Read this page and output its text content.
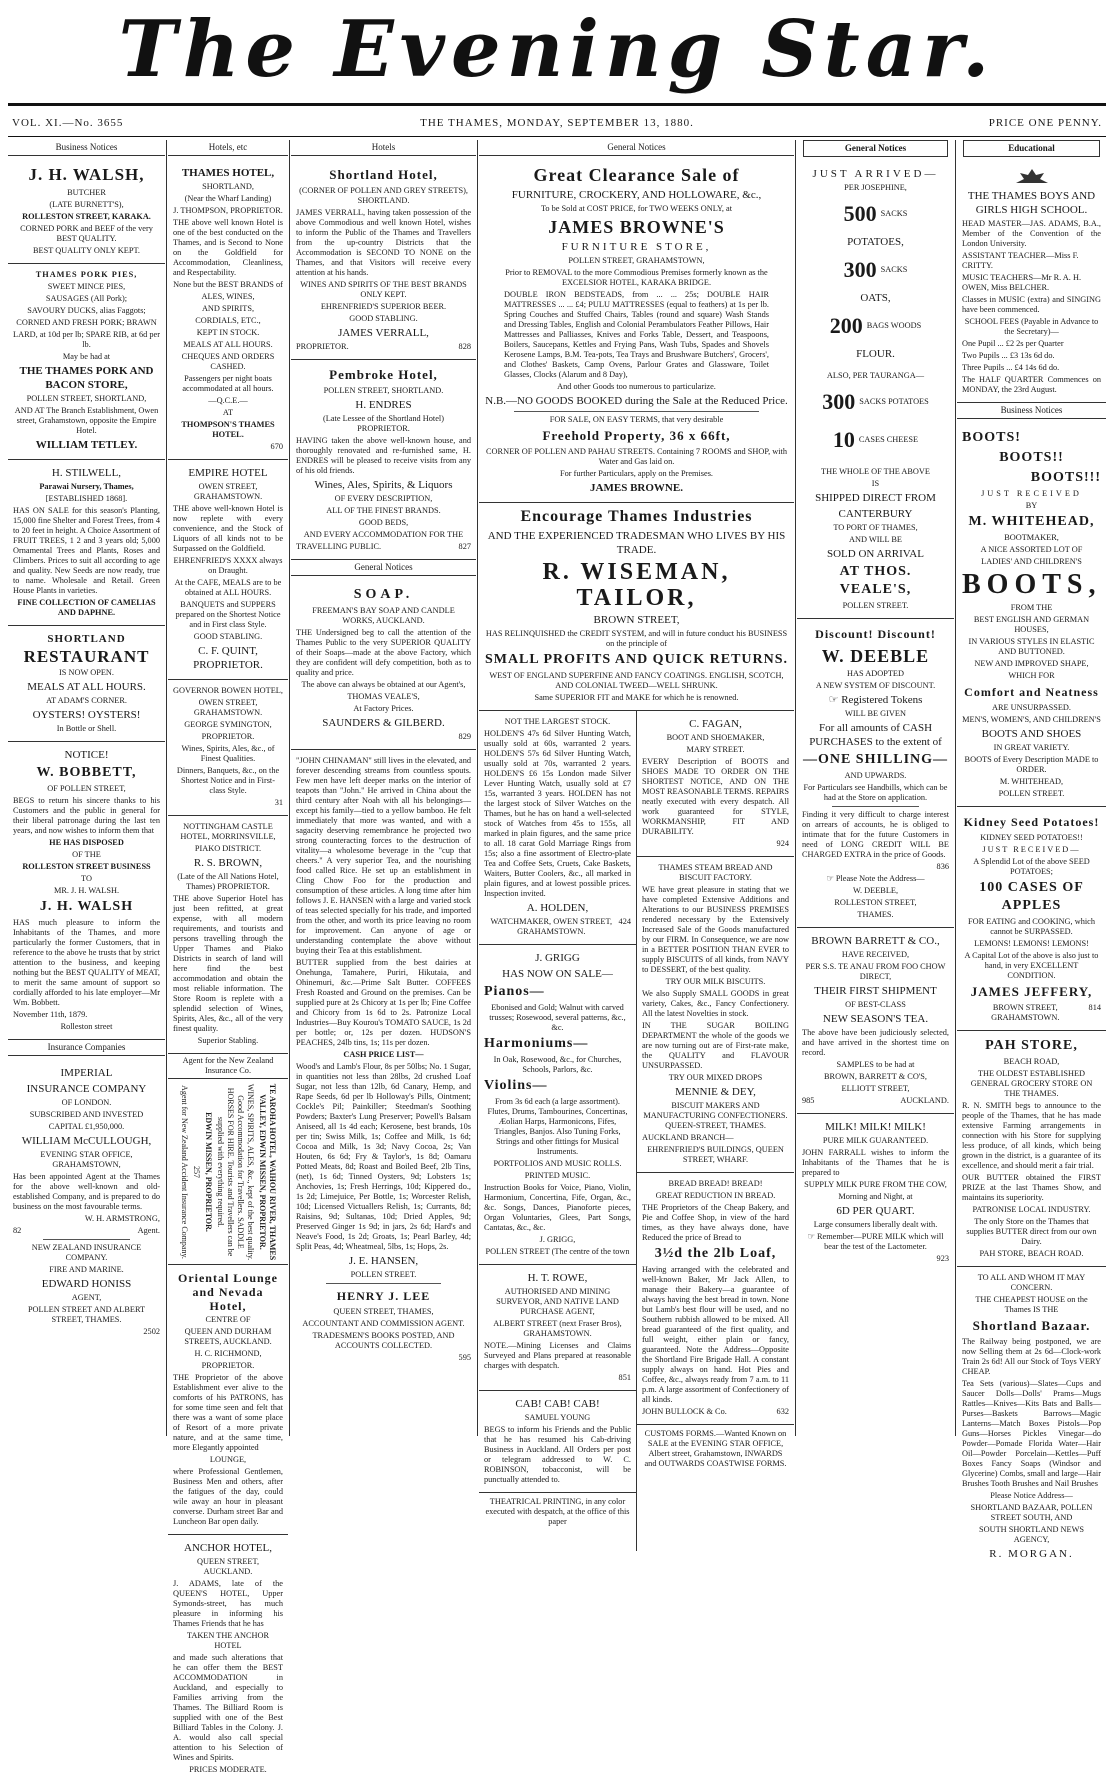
The Evening Star.
VOL. XI.—No. 3655	THE THAMES, MONDAY, SEPTEMBER 13, 1880.	PRICE ONE PENNY.
Business Notices
J. H. WALSH,
BUTCHER
(LATE BURNETT'S),
ROLLESTON STREET, KARAKA.
CORNED PORK and BEEF of the very BEST QUALITY.
BEST QUALITY ONLY KEPT.
THAMES PORK PIES,
SWEET MINCE PIES,
SAUSAGES (All Pork);
SAVOURY DUCKS, alias Faggots;
CORNED AND FRESH PORK; BRAWN
LARD, at 10d per lb; SPARE RIB, at 6d per lb.
May be had at
THE THAMES PORK AND BACON STORE,
POLLEN STREET, SHORTLAND,
AND AT The Branch Establishment, Owen street, Grahamstown, opposite the Empire Hotel.
WILLIAM TETLEY.
H. STILWELL,
Parawai Nursery, Thames,
[ESTABLISHED 1868].
HAS ON SALE for this season's Planting, 15,000 fine Shelter and Forest Trees, from 4 to 20 feet in height. A Choice Assortment of FRUIT TREES, 1 2 and 3 years old; 5,000 Ornamental Trees and Plants, Roses and Climbers. Prices to suit all according to age and quality. New Seeds are now ready, true to name. Wholesale and Retail. Green House Plants in varieties.
FINE COLLECTION OF CAMELIAS AND DAPHNE.
SHORTLAND
RESTAURANT
IS NOW OPEN.
MEALS AT ALL HOURS.
AT ADAM'S CORNER.
OYSTERS! OYSTERS!
In Bottle or Shell.
NOTICE!
W. BOBBETT,
OF POLLEN STREET,
BEGS to return his sincere thanks to his Customers and the public in general for their liberal patronage during the last ten years, and now wishes to inform them that
HE HAS DISPOSED
OF THE
ROLLESTON STREET BUSINESS
TO
MR. J. H. WALSH.
J. H. WALSH
HAS much pleasure to inform the Inhabitants of the Thames, and more particularly the former Customers, that in reference to the above he trusts that by strict attention to the business, and keeping nothing but the BEST QUALITY of MEAT, to merit the same amount of support so cordially afforded to his late employer—Mr Wm. Bobbett.
November 11th, 1879.
Rolleston street
Insurance Companies
IMPERIAL
INSURANCE COMPANY
OF LONDON.
SUBSCRIBED AND INVESTED
CAPITAL £1,950,000.
WILLIAM McCULLOUGH,
EVENING STAR OFFICE, GRAHAMSTOWN,
Has been appointed Agent at the Thames for the above well-known and old-established Company, and is prepared to do business on the most favourable terms.
W. H. ARMSTRONG,
82	Agent.
NEW ZEALAND INSURANCE COMPANY.
FIRE AND MARINE.
EDWARD HONISS
AGENT,
POLLEN STREET AND ALBERT STREET, THAMES.
2502
Hotels, etc
THAMES HOTEL,
SHORTLAND,
(Near the Wharf Landing)
J. THOMPSON, PROPRIETOR.
THE above well known Hotel is one of the best conducted on the Thames, and is Second to None on the Goldfield for Accommodation, Cleanliness, and Respectability.
None but the BEST BRANDS of
ALES, WINES,
AND SPIRITS,
CORDIALS, ETC.,
KEPT IN STOCK.
MEALS AT ALL HOURS.
CHEQUES AND ORDERS CASHED.
Passengers per night boats accommodated at all hours.
—Q.C.E.—
AT
THOMPSON'S THAMES HOTEL.
670
EMPIRE HOTEL
OWEN STREET, GRAHAMSTOWN.
THE above well-known Hotel is now replete with every convenience, and the Stock of Liquors of all kinds not to be Surpassed on the Goldfield.
EHRENFRIED'S XXXX always on Draught.
At the CAFE, MEALS are to be obtained at ALL HOURS.
BANQUETS and SUPPERS prepared on the Shortest Notice and in First class Style.
GOOD STABLING.
C. F. QUINT, PROPRIETOR.
GOVERNOR BOWEN HOTEL,
OWEN STREET, GRAHAMSTOWN.
GEORGE SYMINGTON,
PROPRIETOR.
Wines, Spirits, Ales, &c., of Finest Qualities.
Dinners, Banquets, &c., on the Shortest Notice and in First-class Style.
31
NOTTINGHAM CASTLE HOTEL, MORRINSVILLE,
PIAKO DISTRICT.
R. S. BROWN,
(Late of the All Nations Hotel, Thames) PROPRIETOR.
THE above Superior Hotel has just been refitted, at great expense, with all modern requirements, and tourists and persons travelling through the Upper Thames and Piako Districts in search of land will here find the best accommodation and obtain the most reliable information. The Store Room is replete with a splendid selection of Wines, Spirits, Ales, &c., all of the very finest quality.
Superior Stabling.
Agent for the New Zealand Insurance Co.
TE AROHA HOTEL, WAIHOU RIVER, THAMES VALLEY, EDWIN MISSEN, PROPRIETOR.
WINES, SPIRITS, ALES, &c., kept of the best quality. Good Accommodation for Travellers. SADDLE HORSES FOR HIRE. Tourists and Travellers can be supplied with everything required.
EDWIN MISSEN, PROPRIETOR.
257
Agent for New Zealand Accident Insurance Company.
Oriental Lounge and Nevada Hotel,
CENTRE OF
QUEEN AND DURHAM STREETS, AUCKLAND.
H. C. RICHMOND,
PROPRIETOR.
THE Proprietor of the above Establishment ever alive to the comforts of his PATRONS, has for some time seen and felt that there was a want of some place of Resort of a more private nature, and at the same time, more Elegantly appointed
LOUNGE,
where Professional Gentlemen, Business Men and others, after the fatigues of the day, could wile away an hour in pleasant converse. Durham street Bar and Luncheon Bar open daily.
ANCHOR HOTEL,
QUEEN STREET, AUCKLAND.
J. ADAMS, late of the QUEEN'S HOTEL, Upper Symonds-street, has much pleasure in informing his Thames Friends that he has
TAKEN THE ANCHOR HOTEL
and made such alterations that he can offer them the BEST ACCOMMODATION in Auckland, and especially to Families arriving from the Thames. The Billiard Room is supplied with one of the Best Billiard Tables in the Colony. J. A. would also call special attention to his Selection of Wines and Spirits.
PRICES MODERATE.
Hotels
Shortland Hotel,
(CORNER OF POLLEN AND GREY STREETS), SHORTLAND.
JAMES VERRALL, having taken possession of the above Commodious and well known Hotel, wishes to inform the Public of the Thames and Travellers from the up-country Districts that the Accommodation is SECOND TO NONE on the Thames, and that Visitors will receive every attention at his hands.
WINES AND SPIRITS OF THE BEST BRANDS ONLY KEPT.
EHRENFRIED'S SUPERIOR BEER.
GOOD STABLING.
JAMES VERRALL,
PROPRIETOR.	828
Pembroke Hotel,
POLLEN STREET, SHORTLAND.
H. ENDRES
(Late Lessee of the Shortland Hotel) PROPRIETOR.
HAVING taken the above well-known house, and thoroughly renovated and re-furnished same, H. ENDRES will be pleased to receive visits from any of his old friends.
Wines, Ales, Spirits, & Liquors
OF EVERY DESCRIPTION,
ALL OF THE FINEST BRANDS.
GOOD BEDS,
AND EVERY ACCOMMODATION FOR THE
TRAVELLING PUBLIC.	827
General Notices
SOAP.
FREEMAN'S BAY SOAP AND CANDLE WORKS, AUCKLAND.
THE Undersigned beg to call the attention of the Thames Public to the very SUPERIOR QUALITY of their Soaps—made at the above Factory, which they are confident will defy competition, both as to quality and price.
The above can always be obtained at our Agent's,
THOMAS VEALE'S,
At Factory Prices.
SAUNDERS & GILBERD.
829
"JOHN CHINAMAN" still lives in the elevated, and forever descending streams from countless spouts. Few men have left deeper marks on the interior of teapots than "John." He arrived in China about the third century after Noah with all his belongings—except his family—tied to a yellow bamboo. He felt immediately that more was wanted, and with a sagacity deserving remembrance he projected two strong counteracting forces to the destruction of vitality—a wholesome beverage in the "cup that cheers." A very superior Tea, and the nourishing food called Rice. He set up an establishment in Cling Chow Foo for the production and consumption of these articles. A long time after him follows J. E. HANSEN with a large and varied stock of teas selected specially for his trade, and imported from the other, and worth its price leaving no room for improvement. Can anyone of age or understanding contemplate the above without buying their Tea at this establishment.
BUTTER supplied from the best dairies at Onehunga, Tamahere, Puriri, Hikutaia, and Ohinemuri, &c.—Prime Salt Butter. COFFEES Fresh Roasted and Ground on the premises. Can be supplied pure at 2s Chicory at 1s per lb; Fine Coffee and Chicory from 1s 6d to 2s. Patronize Local Industries—Buy Kourou's TOMATO SAUCE, 1s 2d per bottle; or, 12s per dozen. HUDSON'S PEACHES, 24lb tins, 1s; 11s per dozen.
CASH PRICE LIST—
Wood's and Lamb's Flour, 8s per 50lbs; No. 1 Sugar, in quantities not less than 28lbs, 2d crushed Loaf Sugar, not less than 12lb, 6d Canary, Hemp, and Rape Seeds, 6d per lb Holloway's Pills, Ointment; Cockle's Pil; Painkiller; Steedman's Soothing Powders; Baxter's Lung Preserver; Powell's Balsam Aniseed, all 1s 4d each; Kerosene, best brands, 10s per tin; Swiss Milk, 1s; Coffee and Milk, 1s 6d; Cocoa and Milk, 1s 3d; Navy Cocoa, 2s; Van Houten, 6s 6d; Fry & Taylor's, 1s 8d; Oamaru Potted Meats, 8d; Roast and Boiled Beef, 2lb Tins, (net), 1s 6d; Tinned Oysters, 9d; Lobsters 1s; Anchovies, 1s; Fresh Herrings, 10d; Kippered do., 1s 2d; Limejuice, Per Bottle, 1s; Worcester Relish, 10d; Licensed Victuallers Relish, 1s; Currants, 8d; Raisins, 9d; Sultanas, 10d; Dried Apples, 9d; Preserved Ginger 1s 9d; in jars, 2s 6d; Hard's and Neave's Food, 1s 2d; Groats, 1s; Pearl Barley, 4d; Split Peas, 4d; Wheatmeal, 5lbs, 1s; Hops, 2s.
J. E. HANSEN,
POLLEN STREET.
HENRY J. LEE
QUEEN STREET, THAMES,
ACCOUNTANT AND COMMISSION AGENT.
TRADESMEN'S BOOKS POSTED, AND ACCOUNTS COLLECTED.
595
General Notices
Great Clearance Sale of
FURNITURE, CROCKERY, AND HOLLOWARE, &c.,
To be Sold at COST PRICE, for TWO WEEKS ONLY, at
JAMES BROWNE'S
FURNITURE STORE,
POLLEN STREET, GRAHAMSTOWN,
Prior to REMOVAL to the more Commodious Premises formerly known as the EXCELSIOR HOTEL, KARAKA BRIDGE.
DOUBLE IRON BEDSTEADS, from ... ... 25s; DOUBLE HAIR MATTRESSES ... ... £4; PULU MATTRESSES (equal to feathers) at 1s per lb. Spring Couches and Stuffed Chairs, Tables (round and square) Wash Stands and Dressing Tables, English and Colonial Perambulators Feather Pillows, Hair Mattresses and Palliasses, Knives and Forks Table, Dessert, and Teaspoons, Boilers, Saucepans, Kettles and Frying Pans, Wash Tubs, Spades and Shovels Kerosene Lamps, B.M. Tea-pots, Tea Trays and Brushware Butchers', Grocers', and Clothes' Baskets, Camp Ovens, Parlour Grates and Glassware, Toilet Glasses, Clocks (Alarum and 8 Day),
And other Goods too numerous to particularize.
N.B.—NO GOODS BOOKED during the Sale at the Reduced Price.
FOR SALE, ON EASY TERMS, that very desirable
Freehold Property, 36 x 66ft,
CORNER OF POLLEN AND PAHAU STREETS. Containing 7 ROOMS and SHOP, with Water and Gas laid on.
For further Particulars, apply on the Premises.
JAMES BROWNE.
Encourage Thames Industries
AND THE EXPERIENCED TRADESMAN WHO LIVES BY HIS TRADE.
R. WISEMAN, TAILOR,
BROWN STREET,
HAS RELINQUISHED the CREDIT SYSTEM, and will in future conduct his BUSINESS on the principle of
SMALL PROFITS AND QUICK RETURNS.
WEST OF ENGLAND SUPERFINE AND FANCY COATINGS. ENGLISH, SCOTCH, AND COLONIAL TWEED—WELL SHRUNK.
Same SUPERIOR FIT and MAKE for which he is renowned.
NOT THE LARGEST STOCK.
HOLDEN'S 47s 6d Silver Hunting Watch, usually sold at 60s, warranted 2 years. HOLDEN'S 57s 6d Silver Hunting Watch, usually sold at 70s, warranted 2 years. HOLDEN'S £6 15s London made Silver Lever Hunting Watch, usually sold at £7 15s, warranted 3 years. HOLDEN has not the largest stock of Silver Watches on the Thames, but he has on hand a well-selected stock of Watches from 45s to 155s, all marked in plain figures, and the same price to all. 18 carat Gold Marriage Rings from 15s; also a fine assortment of Electro-plate Tea and Coffee Sets, Cruets, Cake Baskets, Waiters, Butter Coolers, &c., all marked in plain figures, and at lowest possible prices. Inspection invited.
A. HOLDEN,
WATCHMAKER, OWEN STREET, GRAHAMSTOWN.
424
J. GRIGG
HAS NOW ON SALE—
Pianos—
Ebonised and Gold; Walnut with carved trusses; Rosewood, several patterns, &c., &c.
Harmoniums—
In Oak, Rosewood, &c., for Churches, Schools, Parlors, &c.
Violins—
From 3s 6d each (a large assortment). Flutes, Drums, Tambourines, Concertinas, Æolian Harps, Harmonicons, Fifes, Triangles, Banjos. Also Tuning Forks, Strings and other fittings for Musical Instruments.
PORTFOLIOS AND MUSIC ROLLS.
PRINTED MUSIC.
Instruction Books for Voice, Piano, Violin, Harmonium, Concertina, Fife, Organ, &c., &c. Songs, Dances, Pianoforte pieces, Organ Voluntaries, Glees, Part Songs, Cantatas, &c., &c.
J. GRIGG,
POLLEN STREET (The centre of the town
H. T. ROWE,
AUTHORISED AND MINING SURVEYOR, AND NATIVE LAND PURCHASE AGENT,
ALBERT STREET (next Fraser Bros), GRAHAMSTOWN.
NOTE.—Mining Licenses and Claims Surveyed and Plans prepared at reasonable charges with despatch.
851
CAB! CAB! CAB!
SAMUEL YOUNG
BEGS to inform his Friends and the Public that he has resumed his Cab-driving Business in Auckland. All Orders per post or telegram addressed to W. C. ROBINSON, tobacconist, will be punctually attended to.
THEATRICAL PRINTING, in any color executed with despatch, at the office of this paper
C. FAGAN,
BOOT AND SHOEMAKER,
MARY STREET.
EVERY Description of BOOTS and SHOES MADE TO ORDER ON THE SHORTEST NOTICE, AND ON THE MOST REASONABLE TERMS. REPAIRS neatly executed with every despatch. All work guaranteed for STYLE, WORKMANSHIP, FIT AND DURABILITY.
924
THAMES STEAM BREAD AND BISCUIT FACTORY.
WE have great pleasure in stating that we have completed Extensive Additions and Alterations to our BUSINESS PREMISES rendered necessary by the Extensively Increased Sale of the Goods manufactured by our FIRM. In Consequence, we are now in a BETTER POSITION THAN EVER to supply BISCUITS of all kinds, from NAVY to DESSERT, of the best quality.
TRY OUR MILK BISCUITS.
We also Supply SMALL GOODS in great variety, Cakes, &c., Fancy Confectionery. All the latest Novelties in stock.
IN THE SUGAR BOILING DEPARTMENT the whole of the goods we are now turning out are of First-rate make, the QUALITY and FLAVOUR UNSURPASSED.
TRY OUR MIXED DROPS
MENNIE & DEY,
BISCUIT MAKERS AND MANUFACTURING CONFECTIONERS. QUEEN-STREET, THAMES.
AUCKLAND BRANCH—
EHRENFRIED'S BUILDINGS, QUEEN STREET, WHARF.
BREAD BREAD! BREAD!
GREAT REDUCTION IN BREAD.
THE Proprietors of the Cheap Bakery, and Pie and Coffee Shop, in view of the hard times, as they have always done, have Reduced the price of Bread to
3½d the 2lb Loaf,
Having arranged with the celebrated and well-known Baker, Mr Jack Allen, to manage their Bakery—a guarantee of always having the best bread in town. None but Lamb's best flour will be used, and no Southern rubbish allowed to be mixed. All bread guaranteed of the first quality, and full weight, either plain or fancy, guaranteed. Note the Address—Opposite the Shortland Fire Brigade Hall. A constant supply always on hand. Hot Pies and Coffee, &c., always ready from 7 a.m. to 11 p.m. A large assortment of Confectionery of all kinds.
JOHN BULLOCK & Co.	632
CUSTOMS FORMS.—Wanted Known on SALE at the EVENING STAR OFFICE, Albert street, Grahamstown, INWARDS and OUTWARDS COASTWISE FORMS.
General Notices
JUST ARRIVED—
PER JOSEPHINE,
500 SACKS
POTATOES,
300 SACKS
OATS,
200 BAGS WOODS
FLOUR.
ALSO, PER TAURANGA—
300 SACKS POTATOES
10 CASES CHEESE
THE WHOLE OF THE ABOVE
IS
SHIPPED DIRECT FROM
CANTERBURY
TO PORT OF THAMES,
AND WILL BE
SOLD ON ARRIVAL
AT THOS. VEALE'S,
POLLEN STREET.
Discount! Discount!
W. DEEBLE
HAS ADOPTED
A NEW SYSTEM OF DISCOUNT.
☞ Registered Tokens
WILL BE GIVEN
For all amounts of CASH PURCHASES to the extent of
—ONE SHILLING—
AND UPWARDS.
For Particulars see Handbills, which can be had at the Store on application.
Finding it very difficult to charge interest on arrears of accounts, he is obliged to intimate that for the future Customers in need of LONG CREDIT WILL BE CHARGED EXTRA in the price of Goods.
836
☞ Please Note the Address—
W. DEEBLE,
ROLLESTON STREET,
THAMES.
BROWN BARRETT & CO.,
HAVE RECEIVED,
PER S.S. TE ANAU FROM FOO CHOW DIRECT,
THEIR FIRST SHIPMENT
OF BEST-CLASS
NEW SEASON'S TEA.
The above have been judiciously selected, and have arrived in the shortest time on record.
SAMPLES to be had at
BROWN, BARRETT & CO'S,
ELLIOTT STREET,
985	AUCKLAND.
MILK! MILK! MILK!
PURE MILK GUARANTEED.
JOHN FARRALL wishes to inform the Inhabitants of the Thames that he is prepared to
SUPPLY MILK PURE FROM THE COW,
Morning and Night, at
6D PER QUART.
Large consumers liberally dealt with.
☞ Remember—PURE MILK which will bear the test of the Lactometer.
923
Educational
THE THAMES BOYS AND GIRLS HIGH SCHOOL.
HEAD MASTER—JAS. ADAMS, B.A., Member of the Convention of the London University.
ASSISTANT TEACHER—Miss F. CRITTY.
MUSIC TEACHERS—Mr R. A. H. OWEN, Miss BELCHER.
Classes in MUSIC (extra) and SINGING have been commenced.
SCHOOL FEES (Payable in Advance to the Secretary)—
One Pupil ... £2 2s per Quarter
Two Pupils ... £3 13s 6d do.
Three Pupils ... £4 14s 6d do.
The HALF QUARTER Commences on MONDAY, the 23rd August.
Business Notices
BOOTS!
BOOTS!!
BOOTS!!!
JUST RECEIVED
BY
M. WHITEHEAD,
BOOTMAKER,
A NICE ASSORTED LOT OF
LADIES' AND CHILDREN'S
BOOTS,
FROM THE
BEST ENGLISH AND GERMAN HOUSES,
IN VARIOUS STYLES IN ELASTIC AND BUTTONED.
NEW AND IMPROVED SHAPE,
WHICH FOR
Comfort and Neatness
ARE UNSURPASSED.
MEN'S, WOMEN'S, AND CHILDREN'S
BOOTS AND SHOES
IN GREAT VARIETY.
BOOTS of Every Description MADE to ORDER.
M. WHITEHEAD,
POLLEN STREET.
Kidney Seed Potatoes!
KIDNEY SEED POTATOES!!
JUST RECEIVED—
A Splendid Lot of the above SEED POTATOES;
100 CASES OF APPLES
FOR EATING and COOKING, which cannot be SURPASSED.
LEMONS! LEMONS! LEMONS!
A Capital Lot of the above is also just to hand, in very EXCELLENT CONDITION.
JAMES JEFFERY,
BROWN STREET, GRAHAMSTOWN.
814
PAH STORE,
BEACH ROAD,
THE OLDEST ESTABLISHED GENERAL GROCERY STORE ON THE THAMES.
R. N. SMITH begs to announce to the people of the Thames, that he has made extensive Farming arrangements in connection with his Store for supplying less produce, of all kinds, which being grown in the district, is a guarantee of its excellence, and should merit a fair trial.
OUR BUTTER obtained the FIRST PRIZE at the last Thames Show, and maintains its superiority.
PATRONISE LOCAL INDUSTRY.
The only Store on the Thames that supplies BUTTER direct from our own Dairy.
PAH STORE, BEACH ROAD.
TO ALL AND WHOM IT MAY CONCERN.
THE CHEAPEST HOUSE on the Thames IS THE
Shortland Bazaar.
The Railway being postponed, we are now Selling them at 2s 6d—Clock-work Train 2s 6d! All our Stock of Toys VERY CHEAP.
Tea Sets (various)—Slates—Cups and Saucer Dolls—Dolls' Prams—Mugs Rattles—Knives—Kits Bats and Balls—Purses—Baskets Barrows—Magic Lanterns—Match Boxes Pistols—Pop Guns—Horses Pickles Vinegar—do Powder—Pomade Florida Water—Hair Oil—Powder Porcelain—Kettles—Puff Boxes Fancy Soaps (Windsor and Glycerine) Combs, small and large—Hair Brushes Tooth Brushes and Nail Brushes
Please Notice Address—
SHORTLAND BAZAAR, POLLEN STREET SOUTH, AND
SOUTH SHORTLAND NEWS AGENCY,
R. MORGAN.
